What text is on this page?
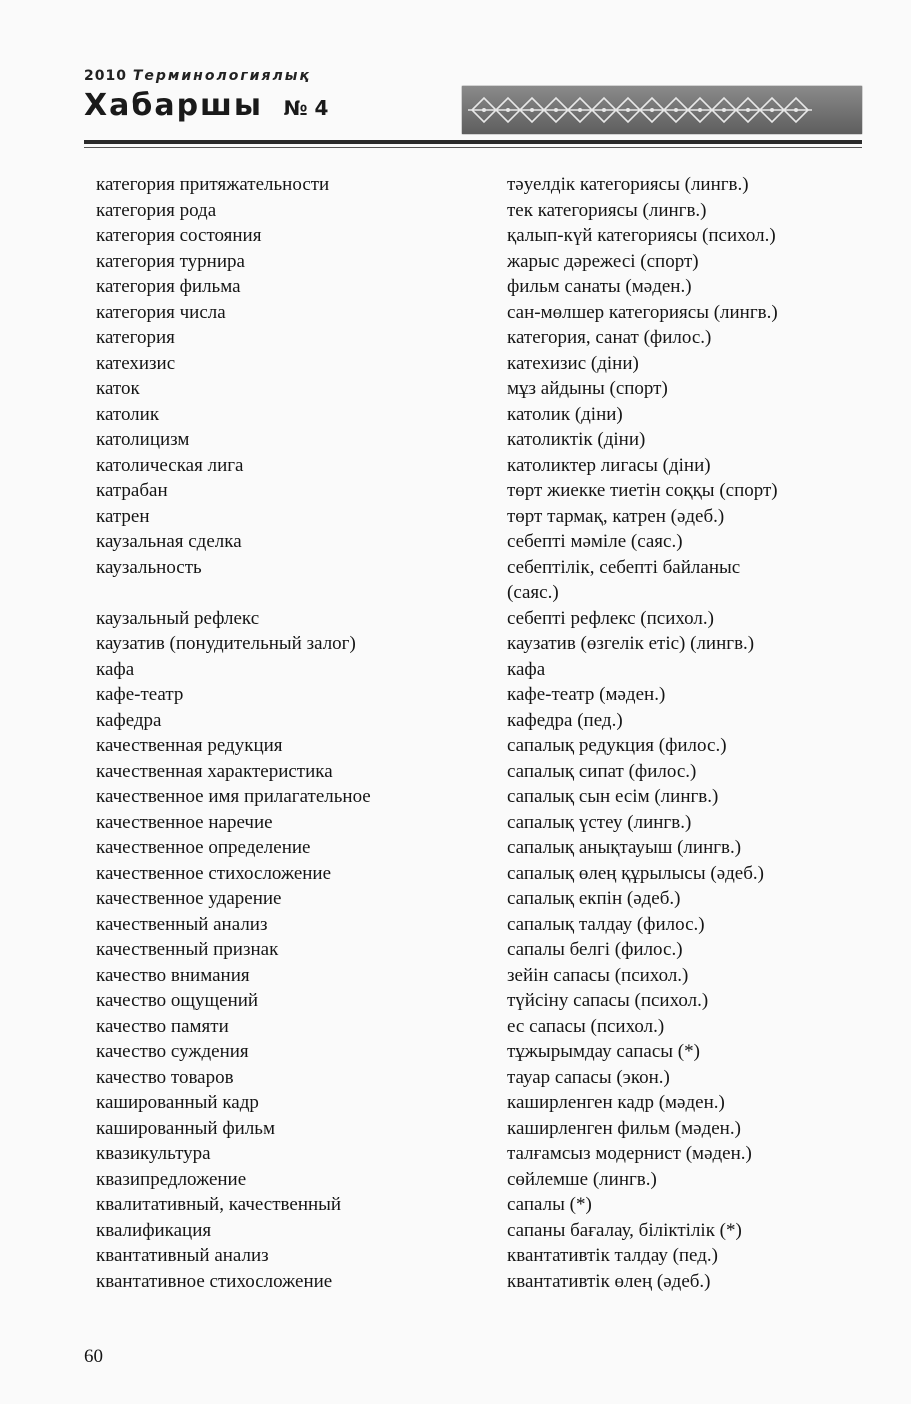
2010 Терминологиялық
Хабаршы № 4
категория притяжательности	тәуелдік категориясы (лингв.)
категория рода	тек категориясы (лингв.)
категория состояния	қалып-күй категориясы (психол.)
категория турнира	жарыс дәрежесі (спорт)
категория фильма	фильм санаты (мәден.)
категория числа	сан-мөлшер категориясы (лингв.)
категория	категория, санат (филос.)
катехизис	катехизис (діни)
каток	мұз айдыны (спорт)
католик	католик (діни)
католицизм	католиктік (діни)
католическая лига	католиктер лигасы (діни)
катрабан	төрт жиекке тиетін соққы (спорт)
катрен	төрт тармақ, катрен (әдеб.)
каузальная сделка	себепті мәміле (саяс.)
каузальность	себептілік, себепті байланыс
(саяс.)
каузальный рефлекс	себепті рефлекс (психол.)
каузатив (понудительный залог)	каузатив (өзгелік етіс) (лингв.)
кафа	кафа
кафе-театр	кафе-театр (мәден.)
кафедра	кафедра (пед.)
качественная редукция	сапалық редукция (филос.)
качественная характеристика	сапалық сипат (филос.)
качественное имя прилагательное	сапалық сын есім (лингв.)
качественное наречие	сапалық үстеу (лингв.)
качественное определение	сапалық анықтауыш (лингв.)
качественное стихосложение	сапалық өлең құрылысы (әдеб.)
качественное ударение	сапалық екпін (әдеб.)
качественный анализ	сапалық талдау (филос.)
качественный признак	сапалы белгі (филос.)
качество внимания	зейін сапасы (психол.)
качество ощущений	түйсіну сапасы (психол.)
качество памяти	ес сапасы (психол.)
качество суждения	тұжырымдау сапасы (*)
качество товаров	тауар сапасы (экон.)
кашированный кадр	каширленген кадр (мәден.)
кашированный фильм	каширленген фильм (мәден.)
квазикультура	талғамсыз модернист (мәден.)
квазипредложение	сөйлемше (лингв.)
квалитативный, качественный	сапалы (*)
квалификация	сапаны бағалау, біліктілік (*)
квантативный анализ	квантативтік талдау (пед.)
квантативное стихосложение	квантативтік өлең (әдеб.)
60
